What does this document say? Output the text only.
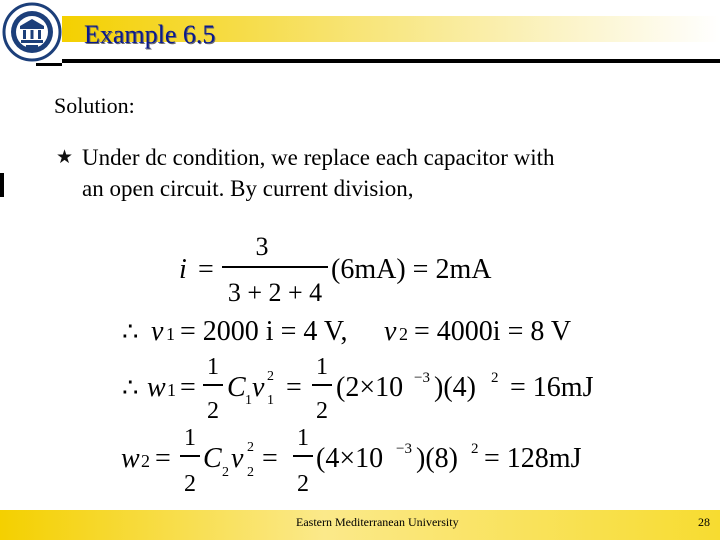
Example 6.5
Solution:
★ Under dc condition, we replace each capacitor with
an open circuit. By current division,
i =
3
3 + 2 + 4
(6mA) = 2mA
∴ v 1 = 2000 i = 4 V, v 2 = 4000i = 8 V
∴ w 1 =
1
2
C 1 v 2
1 =
1
2
(2×10 −3 )(4) 2 = 16mJ
w 2 =
1
2
C 2 v 2
2 =
1
2
(4×10 −3 )(8) 2 = 128mJ
Eastern Mediterranean University	28
